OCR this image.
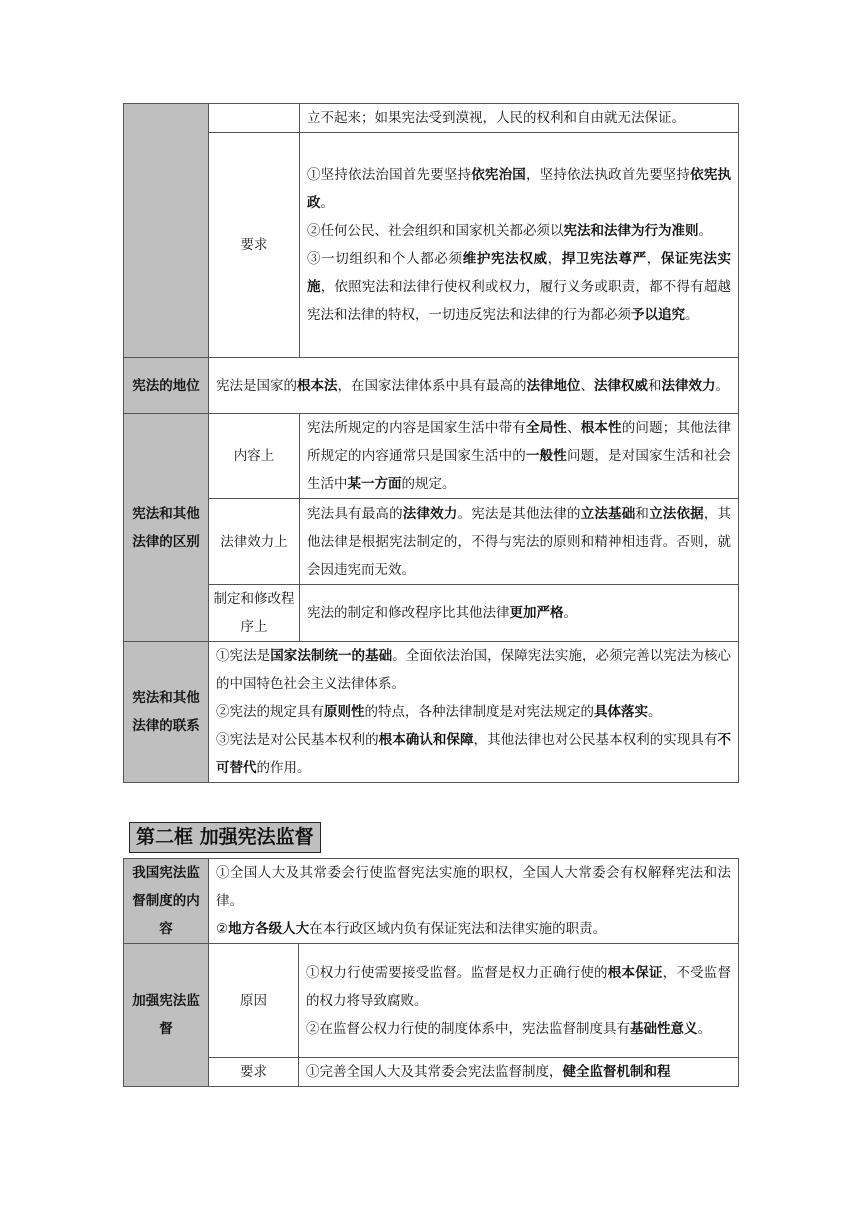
		立不起来；如果宪法受到漠视，人民的权利和自由就无法保证。
	要求	①坚持依法治国首先要坚持依宪治国，坚持依法执政首先要坚持依宪执政。
②任何公民、社会组织和国家机关都必须以宪法和法律为行为准则。
③一切组织和个人都必须维护宪法权威，捍卫宪法尊严，保证宪法实施，依照宪法和法律行使权利或权力，履行义务或职责，都不得有超越宪法和法律的特权，一切违反宪法和法律的行为都必须予以追究。

宪法的地位	宪法是国家的根本法，在国家法律体系中具有最高的法律地位、法律权威和法律效力。	
宪法和其他法律的区别	内容上	宪法所规定的内容是国家生活中带有全局性、根本性的问题；其他法律所规定的内容通常只是国家生活中的一般性问题，是对国家生活和社会生活中某一方面的规定。
	法律效力上	宪法具有最高的法律效力。宪法是其他法律的立法基础和立法依据，其他法律是根据宪法制定的，不得与宪法的原则和精神相违背。否则，就会因违宪而无效。
	制定和修改程序上	宪法的制定和修改程序比其他法律更加严格。
宪法和其他法律的联系	①宪法是国家法制统一的基础。全面依法治国，保障宪法实施，必须完善以宪法为核心的中国特色社会主义法律体系。
②宪法的规定具有原则性的特点，各种法律制度是对宪法规定的具体落实。
③宪法是对公民基本权利的根本确认和保障，其他法律也对公民基本权利的实现具有不可替代的作用。	
第二框 加强宪法监督
我国宪法监督制度的内容	①全国人大及其常委会行使监督宪法实施的职权，全国人大常委会有权解释宪法和法律。
②地方各级人大在本行政区域内负有保证宪法和法律实施的职责。	

加强宪法监督	原因	①权力行使需要接受监督。监督是权力正确行使的根本保证，不受监督的权力将导致腐败。
②在监督公权力行使的制度体系中，宪法监督制度具有基础性意义。

	要求	①完善全国人大及其常委会宪法监督制度，健全监督机制和程
